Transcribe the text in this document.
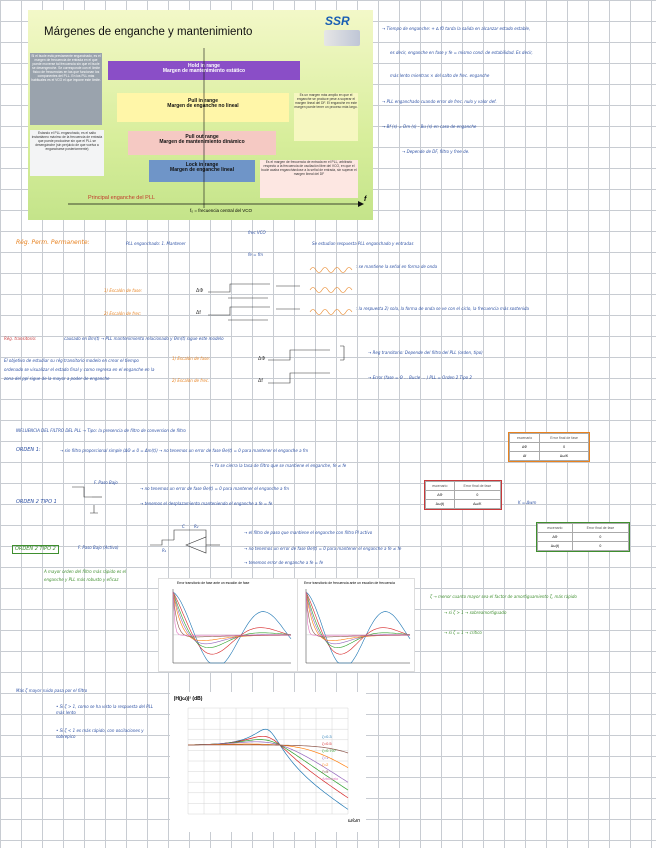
Márgenes de enganche y mantenimiento
SSR
Si el bucle está previamente enganchado, es el margen de frecuencia de entrada en el que puede moverse tal frecuencia sin que el bucle se desengenche. Se corresponde con el límite físico de frecuencias en las que funcionan los componentes del PLL. En los PLL más habituales es el VCO el que impone este límite.
Estando el PLL enganchado, es el salto instantáneo máximo de la frecuencia de entrada que puede producirse sin que el PLL se desengánche (sin perjuicio de que vuelva a engancharse posteriormente)
Hold in range
Margen de mantenimiento estático
Pull in range
Margen de enganche no lineal
Pull out range
Margen de mantenimiento dinámico
Lock in range
Margen de enganche lineal
Es un margen más amplio en que el enganche se produce pese a superar el margen lineal del DF. El enganche en este margen puede tener un proceso más largo.
Es el margen de frecuencia de entrada en el PLL, arbitrario respecto a la frecuencia de oscilación libre del VCO, en que el bucle acaba enganchándose a la señal de entrada, sin superar el margen lineal del DF
Principal enganche del PLL	f
f₀ = frecuencia central del VCO
→ Tiempo de enganche: + ∆ f0 tarda la salida en alcanzar estado estable,
es decir, enganche en fase y fe = mismo cond. de estabilidad. Es decir,
más lento mientras × del salto de frec. enganche
→ PLL enganchado cuando error de frec. nulo y valor def.
→ Bf (s) = Dm (s) - Bu (s) en caso de enganche
→ Depende de DF, filtro y free de.
Rég. Perm. Permanente:	PLL enganchado: 1. Mantener
frec VCO
fe = fm
Se estudian respuesta PLL enganchado y entradas
1) Escalón de fase:
2) Escalón de frec:
: se mantiene la señal en forma de onda
: la respuesta 2) sola, la forma de onda se ve con el ciclo, la frecuencia más sostenida
ΔΦ
Δf
Rég. transitorio:	causado en Bm(t) → PLL mantenimiento relacionado y Θm(t) sigue este modelo
El objetivo de estudiar su rég transitorio modelo en crear el tiempo ordenado se visualizar el estado final y como regresa en el enganche en la zona del ppl sigue de la mayor a poder de enganche
1) Escalón de fase:
2) Escalón de frec.
→ Reg transitorio: Depende del filtro del PLL (orden, tipo)
→ Error (fase = Θ ... Bucle ... ) PLL = Orden 2 Tipo 2
ΔΦ
Δf
INFLUENCIA DEL FILTRO DEL PLL → Tipo: la presencia de filtro de conversion de filtro
ORDEN 1:	→ sin filtro proporcional simple (ΔΘ ≠ 0 = Δm(t)) → no tenemos un error de fase Θe(t) = 0 para mantener el enganche a fm
→ Ya se cierra la tasa de filtro que se mantiene el enganche, fe ≠ fe
escenario	Error final de fase
ΔΦ	0
Δf	Δω/K
ORDEN 2 TIPO 1
F. Paso Bajo
→ no tenemos un error de fase Θe(t) = 0 para mantener el enganche a fm
→ tenemos el desplazamiento manteniendo el enganche a fe = fe
escenario	Error final de fase
ΔΦ	0
Δω(t)	Δω/K	K = Δwm
ORDEN 2 TIPO 2	F. Paso Bajo (Activo)
→ el filtro de paso que mantiene el enganche con filtro PI activo
→ no tenemos un error de fase Θe(t) = 0 para mantener el enganche a fe ≠ fe
→ tenemos error de enganche a fe = fe
escenario	Error final de fase
ΔΦ	0
Δω(t)	0
C R₂
R₁
A mayor orden del filtro más rápido es el enganche y PLL más robusto y eficaz
Error transitorio de fase ante un escalón de fase	Error transitorio de frecuencia ante un escalón de frecuencia
ζ → menor cuanto mayor sea el factor de amortiguamiento ζ, más rápido
→ si ζ > 1 → sobreamortiguado
→ si ζ = 1 → critico
Más ζ mayor ruido pasa por el filtro
• Si ζ > 1, como se ha visto la respuesta del PLL más lento
• Si ζ < 1 es más rápido, con oscilaciones y sobrepico
|H(jω)|² (dB)
ω/ωn
ζ=0.3
ζ=0.5
ζ=0.707
ζ=1
ζ=2
ζ=5
Arbitrario
